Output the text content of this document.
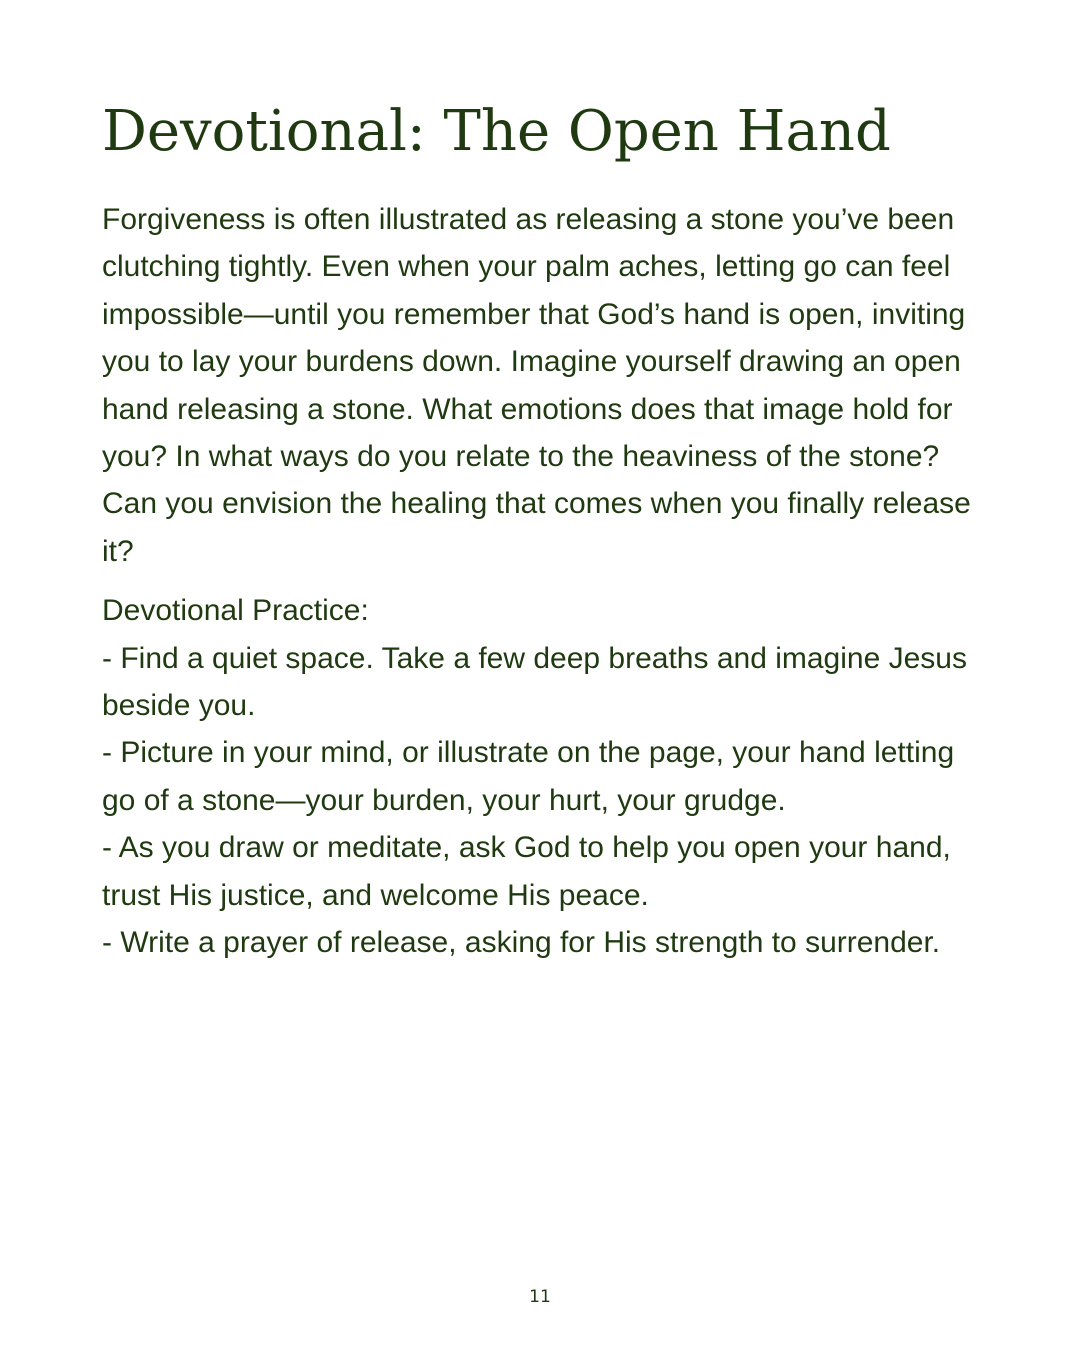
Devotional: The Open Hand

Forgiveness is often illustrated as releasing a stone you’ve been clutching tightly. Even when your palm aches, letting go can feel impossible—until you remember that God’s hand is open, inviting you to lay your burdens down. Imagine yourself drawing an open hand releasing a stone. What emotions does that image hold for you? In what ways do you relate to the heaviness of the stone? Can you envision the healing that comes when you finally release it?

Devotional Practice:

- Find a quiet space. Take a few deep breaths and imagine Jesus beside you.
- Picture in your mind, or illustrate on the page, your hand letting go of a stone—your burden, your hurt, your grudge.
- As you draw or meditate, ask God to help you open your hand, trust His justice, and welcome His peace.
- Write a prayer of release, asking for His strength to surrender.
11
